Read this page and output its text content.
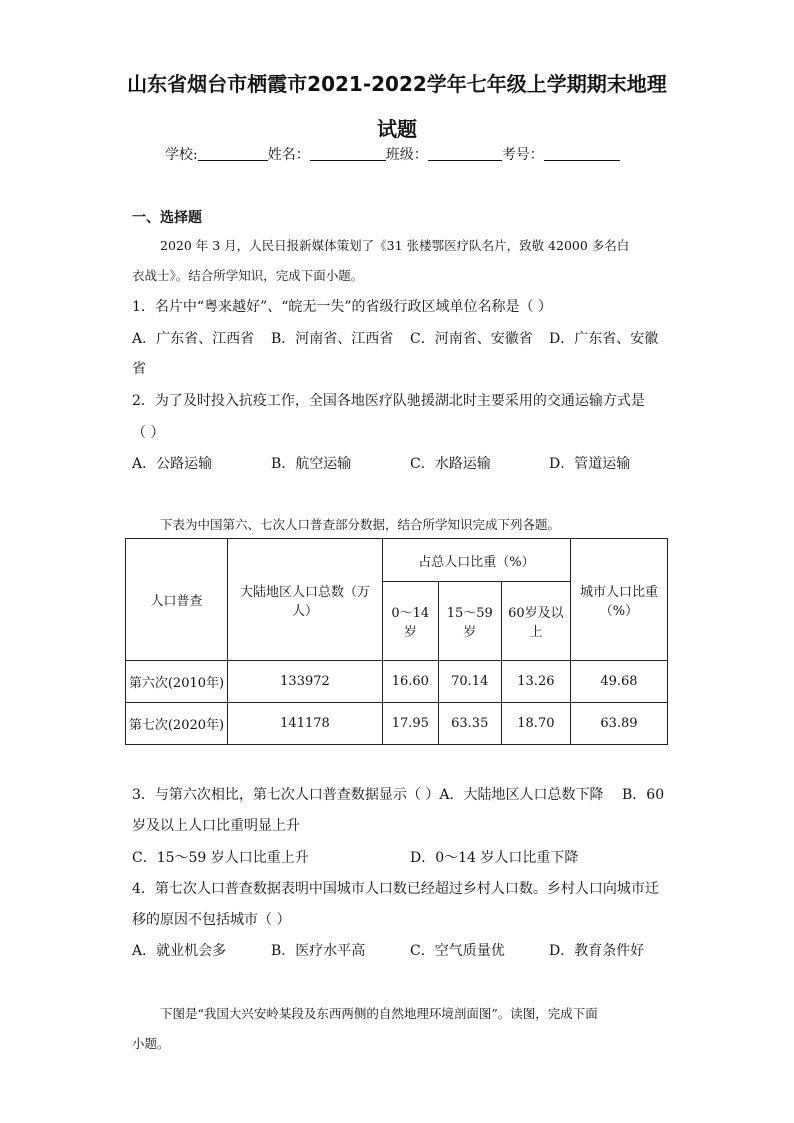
山东省烟台市栖霞市2021-2022学年七年级上学期期末地理
试题
学校:	姓名：	班级：	考号：
一、选择题
2020 年 3 月，人民日报新媒体策划了《31 张楼鄂医疗队名片，致敬 42000 多名白
衣战士》。结合所学知识，完成下面小题。
1．名片中“粤来越好”、“皖无一失”的省级行政区域单位名称是（ ）
A．广东省、江西省 B．河南省、江西省 C．河南省、安徽省 D．广东省、安徽
省
2．为了及时投入抗疫工作，全国各地医疗队驰援湖北时主要采用的交通运输方式是
（ ）
A．公路运输	B．航空运输	C．水路运输	D．管道运输
下表为中国第六、七次人口普查部分数据，结合所学知识完成下列各题。
人口普查	大陆地区人口总数（万人）	占总人口比重（%）			城市人口比重 （%）
		0～14岁	15～59岁	60岁及以上	
第六次(2010年)	133972	16.60	70.14	13.26	49.68
第七次(2020年)	141178	17.95	63.35	18.70	63.89
3．与第六次相比，第七次人口普查数据显示（ ）A．大陆地区人口总数下降 B．60
岁及以上人口比重明显上升
C．15～59 岁人口比重上升	D．0～14 岁人口比重下降
4．第七次人口普查数据表明中国城市人口数已经超过乡村人口数。乡村人口向城市迁
移的原因不包括城市（ ）
A．就业机会多	B．医疗水平高	C．空气质量优	D．教育条件好
下图是“我国大兴安岭某段及东西两侧的自然地理环境剖面图”。读图，完成下面
小题。
